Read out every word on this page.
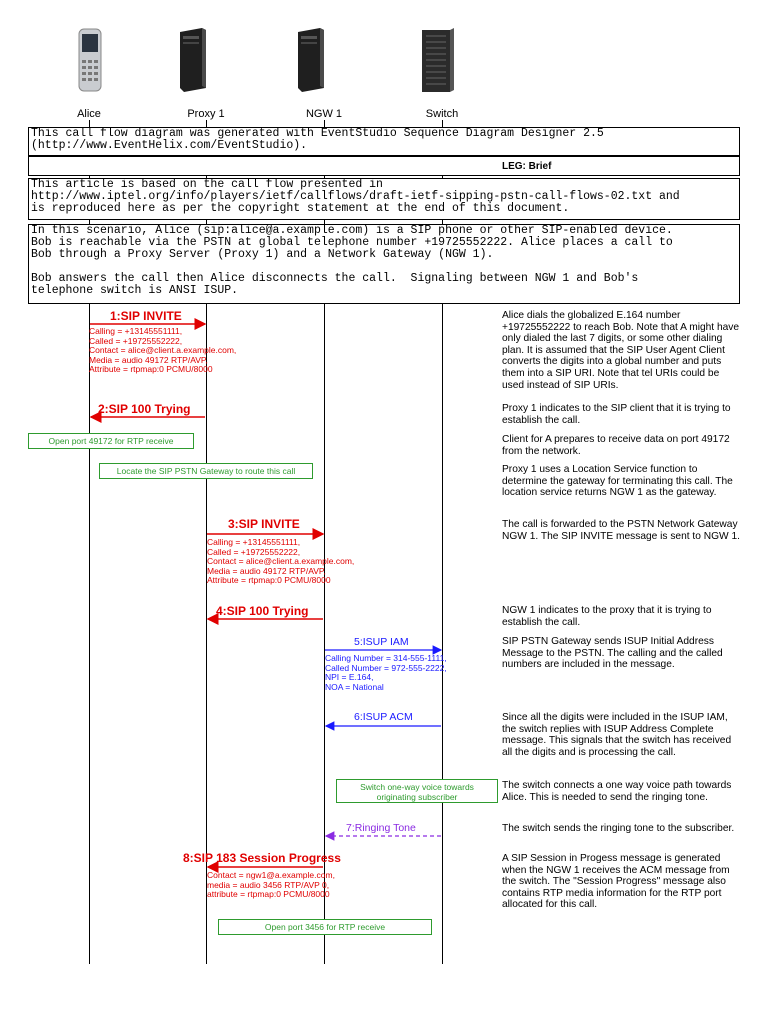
Alice	Proxy 1	NGW 1	Switch
This call flow diagram was generated with EventStudio Sequence Diagram Designer 2.5
(http://www.EventHelix.com/EventStudio).
LEG: Brief
This article is based on the call flow presented in
http://www.iptel.org/info/players/ietf/callflows/draft-ietf-sipping-pstn-call-flows-02.txt and
is reproduced here as per the copyright statement at the end of this document.
In this scenario, Alice (sip:alice@a.example.com) is a SIP phone or other SIP-enabled device.
Bob is reachable via the PSTN at global telephone number +19725552222. Alice places a call to
Bob through a Proxy Server (Proxy 1) and a Network Gateway (NGW 1).

Bob answers the call then Alice disconnects the call.  Signaling between NGW 1 and Bob's
telephone switch is ANSI ISUP.
1:SIP INVITE
Calling = +13145551111,
Called = +19725552222,
Contact = alice@client.a.example.com,
Media = audio 49172 RTP/AVP,
Attribute = rtpmap:0 PCMU/8000
2:SIP 100 Trying
3:SIP INVITE
Calling = +13145551111,
Called = +19725552222,
Contact = alice@client.a.example.com,
Media = audio 49172 RTP/AVP,
Attribute = rtpmap:0 PCMU/8000
4:SIP 100 Trying
5:ISUP IAM
Calling Number = 314-555-1111,
Called Number = 972-555-2222,
NPI = E.164,
NOA = National
6:ISUP ACM
7:Ringing Tone
8:SIP 183 Session Progress
Contact = ngw1@a.example.com,
media = audio 3456 RTP/AVP 0,
attribute = rtpmap:0 PCMU/8000
Open port 49172 for RTP receive
Locate the SIP PSTN Gateway to route this call
Switch one-way voice towards
originating subscriber
Open port 3456 for RTP receive
Alice dials the globalized E.164 number +19725552222 to reach Bob. Note that A might have only dialed the last 7 digits, or some other dialing plan. It is assumed that the SIP User Agent Client converts the digits into a global number and puts them into a SIP URI. Note that tel URIs could be used instead of SIP URIs.
Proxy 1 indicates to the SIP client that it is trying to establish the call.
Client for A prepares to receive data on port 49172 from the network.
Proxy 1 uses a Location Service function to determine the gateway for terminating this call. The location service returns NGW 1 as the gateway.
The call is forwarded to the PSTN Network Gateway NGW 1. The SIP INVITE message is sent to NGW 1.
NGW 1 indicates to the proxy that it is trying to establish the call.
SIP PSTN Gateway sends ISUP Initial Address Message to the PSTN. The calling and the called numbers are included in the message.
Since all the digits were included in the ISUP IAM, the switch replies with ISUP Address Complete message. This signals that the switch has received all the digits and is processing the call.
The switch connects a one way voice path towards Alice. This is needed to send the ringing tone.
The switch sends the ringing tone to the subscriber.
A SIP Session in Progess message is generated when the NGW 1 receives the ACM message from the switch. The "Session Progress" message also contains RTP media information for the RTP port allocated for this call.
